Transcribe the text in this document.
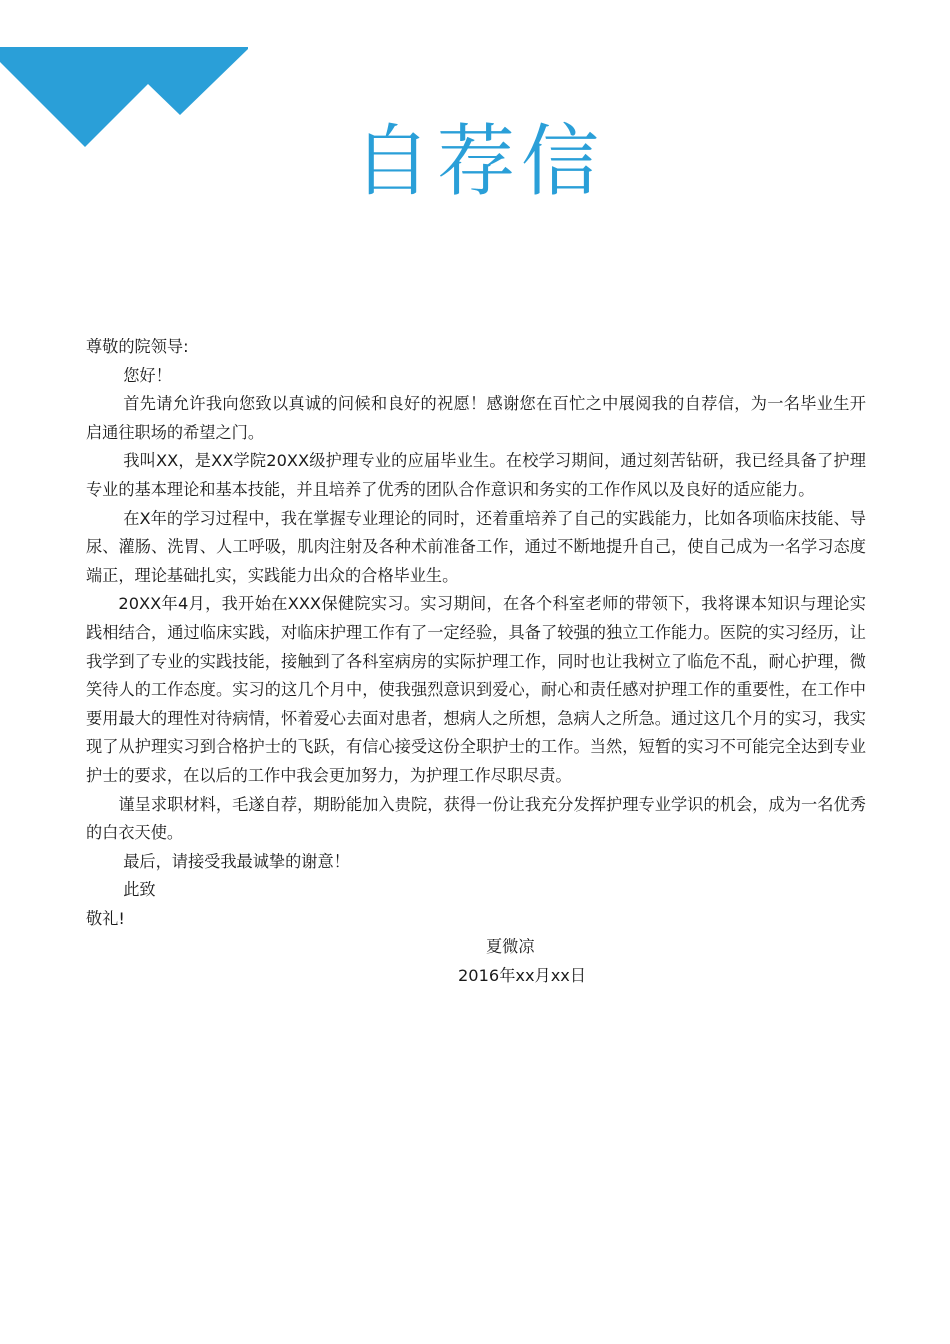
自荐信

尊敬的院领导:

您好！

首先请允许我向您致以真诚的问候和良好的祝愿！感谢您在百忙之中展阅我的自荐信，为一名毕业生开启通往职场的希望之门。

我叫XX，是XX学院20XX级护理专业的应届毕业生。在校学习期间，通过刻苦钻研，我已经具备了护理专业的基本理论和基本技能，并且培养了优秀的团队合作意识和务实的工作作风以及良好的适应能力。

在X年的学习过程中，我在掌握专业理论的同时，还着重培养了自己的实践能力，比如各项临床技能、导尿、灌肠、洗胃、人工呼吸，肌肉注射及各种术前准备工作，通过不断地提升自己，使自己成为一名学习态度端正，理论基础扎实，实践能力出众的合格毕业生。

20XX年4月，我开始在XXX保健院实习。实习期间，在各个科室老师的带领下，我将课本知识与理论实践相结合，通过临床实践，对临床护理工作有了一定经验，具备了较强的独立工作能力。医院的实习经历，让我学到了专业的实践技能，接触到了各科室病房的实际护理工作，同时也让我树立了临危不乱，耐心护理，微笑待人的工作态度。实习的这几个月中，使我强烈意识到爱心，耐心和责任感对护理工作的重要性，在工作中要用最大的理性对待病情，怀着爱心去面对患者，想病人之所想，急病人之所急。通过这几个月的实习，我实现了从护理实习到合格护士的飞跃，有信心接受这份全职护士的工作。当然，短暂的实习不可能完全达到专业护士的要求，在以后的工作中我会更加努力，为护理工作尽职尽责。

谨呈求职材料，毛遂自荐，期盼能加入贵院，获得一份让我充分发挥护理专业学识的机会，成为一名优秀的白衣天使。

最后，请接受我最诚挚的谢意！

此致

敬礼!

夏微凉

2016年xx月xx日
